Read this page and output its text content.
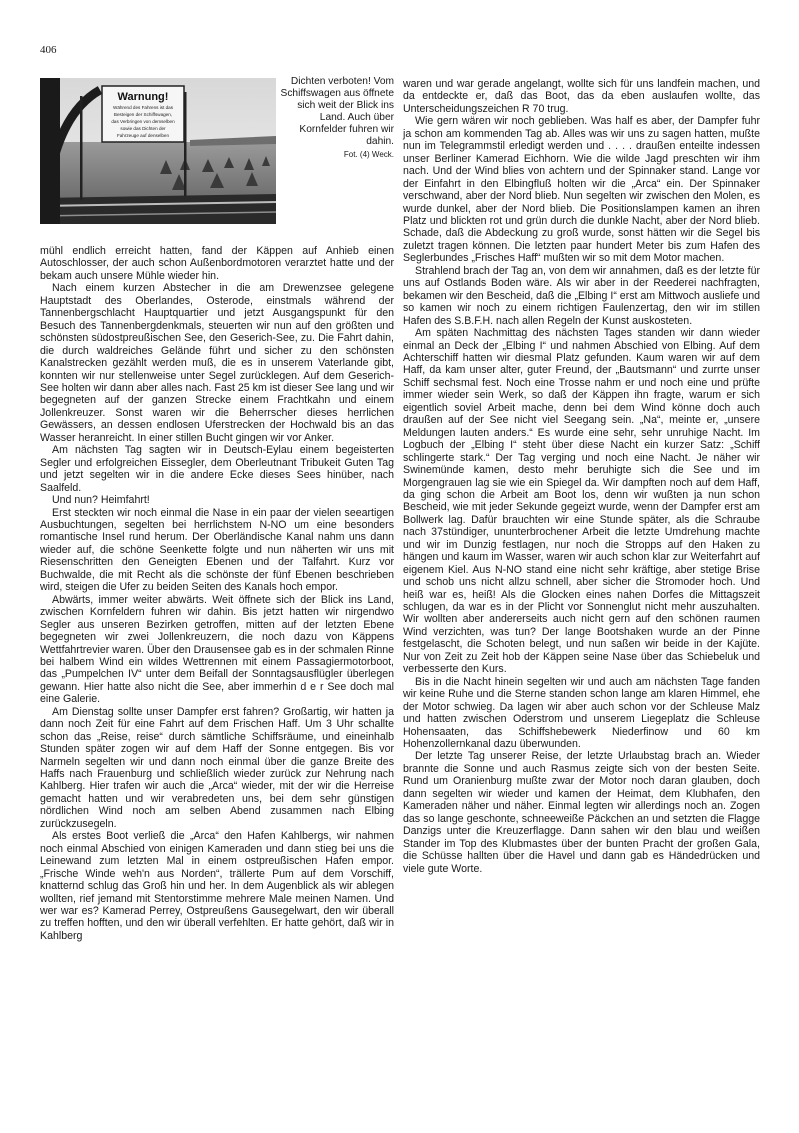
406
Warnung!
Während des Fahrens ist das
Besteigen der Schiffswagen,
das Verbringen von demselben
sowie das Dichten der
Fahrzeuge auf denselben
Dichten verboten! Vom Schiffswagen aus öffnete sich weit der Blick ins Land. Auch über Kornfelder fuhren wir dahin.
Fot. (4) Weck.

mühl endlich erreicht hatten, fand der Käppen auf Anhieb einen Autoschlosser, der auch schon Außenbordmotoren verarztet hatte und der bekam auch unsere Mühle wieder hin.

Nach einem kurzen Abstecher in die am Drewenzsee gelegene Hauptstadt des Oberlandes, Osterode, einstmals während der Tannenbergschlacht Hauptquartier und jetzt Ausgangspunkt für den Besuch des Tannenbergdenkmals, steuerten wir nun auf den größten und schönsten südostpreußischen See, den Geserich-See, zu. Die Fahrt dahin, die durch waldreiches Gelände führt und sicher zu den schönsten Kanalstrecken gezählt werden muß, die es in unserem Vaterlande gibt, konnten wir nur stellenweise unter Segel zurücklegen. Auf dem Geserich-See holten wir dann aber alles nach. Fast 25 km ist dieser See lang und wir begegneten auf der ganzen Strecke einem Frachtkahn und einem Jollenkreuzer. Sonst waren wir die Beherrscher dieses herrlichen Gewässers, an dessen endlosen Uferstrecken der Hochwald bis an das Wasser heranreicht. In einer stillen Bucht gingen wir vor Anker.

Am nächsten Tag sagten wir in Deutsch-Eylau einem begeisterten Segler und erfolgreichen Eissegler, dem Oberleutnant Tribukeit Guten Tag und jetzt segelten wir in die andere Ecke dieses Sees hinüber, nach Saalfeld.

Und nun? Heimfahrt!

Erst steckten wir noch einmal die Nase in ein paar der vielen seeartigen Ausbuchtungen, segelten bei herrlichstem N-NO um eine besonders romantische Insel rund herum. Der Oberländische Kanal nahm uns dann wieder auf, die schöne Seenkette folgte und nun näherten wir uns mit Riesenschritten den Geneigten Ebenen und der Talfahrt. Kurz vor Buchwalde, die mit Recht als die schönste der fünf Ebenen beschrieben wird, steigen die Ufer zu beiden Seiten des Kanals hoch empor.

Abwärts, immer weiter abwärts. Weit öffnete sich der Blick ins Land, zwischen Kornfeldern fuhren wir dahin. Bis jetzt hatten wir nirgendwo Segler aus unseren Bezirken getroffen, mitten auf der letzten Ebene begegneten wir zwei Jollenkreuzern, die noch dazu von Käppens Wettfahrtrevier waren. Über den Drausensee gab es in der schmalen Rinne bei halbem Wind ein wildes Wettrennen mit einem Passagiermotorboot, das „Pumpelchen IV“ unter dem Beifall der Sonntagsausflügler überlegen gewann. Hier hatte also nicht die See, aber immerhin d e r See doch mal eine Galerie.

Am Dienstag sollte unser Dampfer erst fahren? Großartig, wir hatten ja dann noch Zeit für eine Fahrt auf dem Frischen Haff. Um 3 Uhr schallte schon das „Reise, reise“ durch sämtliche Schiffsräume, und eineinhalb Stunden später zogen wir auf dem Haff der Sonne entgegen. Bis vor Narmeln segelten wir und dann noch einmal über die ganze Breite des Haffs nach Frauenburg und schließlich wieder zurück zur Nehrung nach Kahlberg. Hier trafen wir auch die „Arca“ wieder, mit der wir die Herreise gemacht hatten und wir verabredeten uns, bei dem sehr günstigen nördlichen Wind noch am selben Abend zusammen nach Elbing zurückzusegeln.

Als erstes Boot verließ die „Arca“ den Hafen Kahlbergs, wir nahmen noch einmal Abschied von einigen Kameraden und dann stieg bei uns die Leinewand zum letzten Mal in einem ostpreußischen Hafen empor. „Frische Winde weh'n aus Norden“, trällerte Pum auf dem Vorschiff, knatternd schlug das Groß hin und her. In dem Augenblick als wir ablegen wollten, rief jemand mit Stentorstimme mehrere Male meinen Namen. Und wer war es? Kamerad Perrey, Ostpreußens Gausegelwart, den wir überall zu treffen hofften, und den wir überall verfehlten. Er hatte gehört, daß wir in Kahlberg

waren und war gerade angelangt, wollte sich für uns landfein machen, und da entdeckte er, daß das Boot, das da eben auslaufen wollte, das Unterscheidungszeichen R 70 trug.

Wie gern wären wir noch geblieben. Was half es aber, der Dampfer fuhr ja schon am kommenden Tag ab. Alles was wir uns zu sagen hatten, mußte nun im Telegrammstil erledigt werden und . . . . draußen enteilte indessen unser Berliner Kamerad Eichhorn. Wie die wilde Jagd preschten wir ihm nach. Und der Wind blies von achtern und der Spinnaker stand. Lange vor der Einfahrt in den Elbingfluß holten wir die „Arca“ ein. Der Spinnaker verschwand, aber der Nord blieb. Nun segelten wir zwischen den Molen, es wurde dunkel, aber der Nord blieb. Die Positionslampen kamen an ihren Platz und blickten rot und grün durch die dunkle Nacht, aber der Nord blieb. Schade, daß die Abdeckung zu groß wurde, sonst hätten wir die Segel bis zuletzt tragen können. Die letzten paar hundert Meter bis zum Hafen des Seglerbundes „Frisches Haff“ mußten wir so mit dem Motor machen.

Strahlend brach der Tag an, von dem wir annahmen, daß es der letzte für uns auf Ostlands Boden wäre. Als wir aber in der Reederei nachfragten, bekamen wir den Bescheid, daß die „Elbing I“ erst am Mittwoch ausliefe und so kamen wir noch zu einem richtigen Faulenzertag, den wir im stillen Hafen des S.B.F.H. nach allen Regeln der Kunst auskosteten.

Am späten Nachmittag des nächsten Tages standen wir dann wieder einmal an Deck der „Elbing I“ und nahmen Abschied von Elbing. Auf dem Achterschiff hatten wir diesmal Platz gefunden. Kaum waren wir auf dem Haff, da kam unser alter, guter Freund, der „Bautsmann“ und zurrte unser Schiff sechsmal fest. Noch eine Trosse nahm er und noch eine und prüfte immer wieder sein Werk, so daß der Käppen ihn fragte, warum er sich eigentlich soviel Arbeit mache, denn bei dem Wind könne doch auch draußen auf der See nicht viel Seegang sein. „Na“, meinte er, „unsere Meldungen lauten anders.“ Es wurde eine sehr, sehr unruhige Nacht. Im Logbuch der „Elbing I“ steht über diese Nacht ein kurzer Satz: „Schiff schlingerte stark.“ Der Tag verging und noch eine Nacht. Je näher wir Swinemünde kamen, desto mehr beruhigte sich die See und im Morgengrauen lag sie wie ein Spiegel da. Wir dampften noch auf dem Haff, da ging schon die Arbeit am Boot los, denn wir wußten ja nun schon Bescheid, wie mit jeder Sekunde gegeizt wurde, wenn der Dampfer erst am Bollwerk lag. Dafür brauchten wir eine Stunde später, als die Schraube nach 37stündiger, ununterbrochener Arbeit die letzte Umdrehung machte und wir im Dunzig festlagen, nur noch die Stropps auf den Haken zu hängen und kaum im Wasser, waren wir auch schon klar zur Weiterfahrt auf eigenem Kiel. Aus N-NO stand eine nicht sehr kräftige, aber stetige Brise und schob uns nicht allzu schnell, aber sicher die Stromoder hoch. Und heiß war es, heiß! Als die Glocken eines nahen Dorfes die Mittagszeit schlugen, da war es in der Plicht vor Sonnenglut nicht mehr auszuhalten. Wir wollten aber andererseits auch nicht gern auf den schönen raumen Wind verzichten, was tun? Der lange Bootshaken wurde an der Pinne festgelascht, die Schoten belegt, und nun saßen wir beide in der Kajüte. Nur von Zeit zu Zeit hob der Käppen seine Nase über das Schiebeluk und verbesserte den Kurs.

Bis in die Nacht hinein segelten wir und auch am nächsten Tage fanden wir keine Ruhe und die Sterne standen schon lange am klaren Himmel, ehe der Motor schwieg. Da lagen wir aber auch schon vor der Schleuse Malz und hatten zwischen Oderstrom und unserem Liegeplatz die Schleuse Hohensaaten, das Schiffshebewerk Niederfinow und 60 km Hohenzollernkanal dazu überwunden.

Der letzte Tag unserer Reise, der letzte Urlaubstag brach an. Wieder brannte die Sonne und auch Rasmus zeigte sich von der besten Seite. Rund um Oranienburg mußte zwar der Motor noch daran glauben, doch dann segelten wir wieder und kamen der Heimat, dem Klubhafen, den Kameraden näher und näher. Einmal legten wir allerdings noch an. Zogen das so lange geschonte, schneeweiße Päckchen an und setzten die Flagge Danzigs unter die Kreuzerflagge. Dann sahen wir den blau und weißen Stander im Top des Klubmastes über der bunten Pracht der großen Gala, die Schüsse hallten über die Havel und dann gab es Händedrücken und viele gute Worte.
